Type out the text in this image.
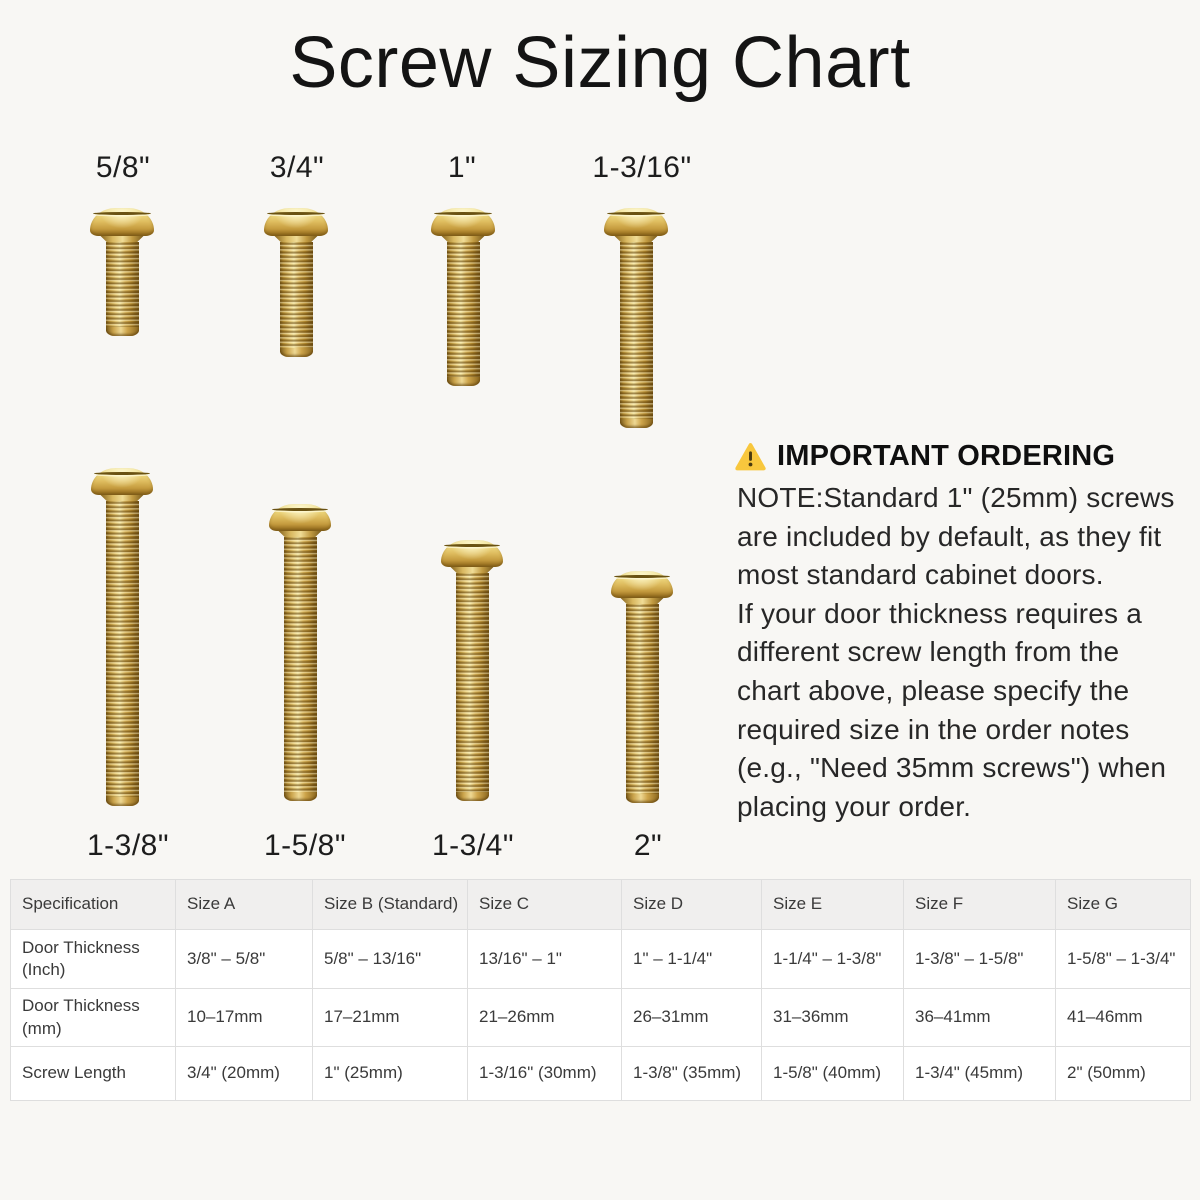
Screw Sizing Chart
5/8"	3/4"	1"	1-3/16"
1-3/8"	1-5/8"	1-3/4"	2"
IMPORTANT ORDERING
NOTE:Standard 1" (25mm) screws
are included by default, as they fit
most standard cabinet doors.
If your door thickness requires a
different screw length from the
chart above, please specify the
required size in the order notes
(e.g., "Need 35mm screws") when
placing your order.
Specification	Size A	Size B (Standard)	Size C	Size D	Size E	Size F	Size G
Door Thickness (Inch)	3/8" – 5/8"	5/8" – 13/16"	13/16" – 1"	1" – 1-1/4"	1-1/4" – 1-3/8"	1-3/8" – 1-5/8"	1-5/8" – 1-3/4"
Door Thickness (mm)	10–17mm	17–21mm	21–26mm	26–31mm	31–36mm	36–41mm	41–46mm
Screw Length	3/4" (20mm)	1" (25mm)	1-3/16" (30mm)	1-3/8" (35mm)	1-5/8" (40mm)	1-3/4" (45mm)	2" (50mm)
